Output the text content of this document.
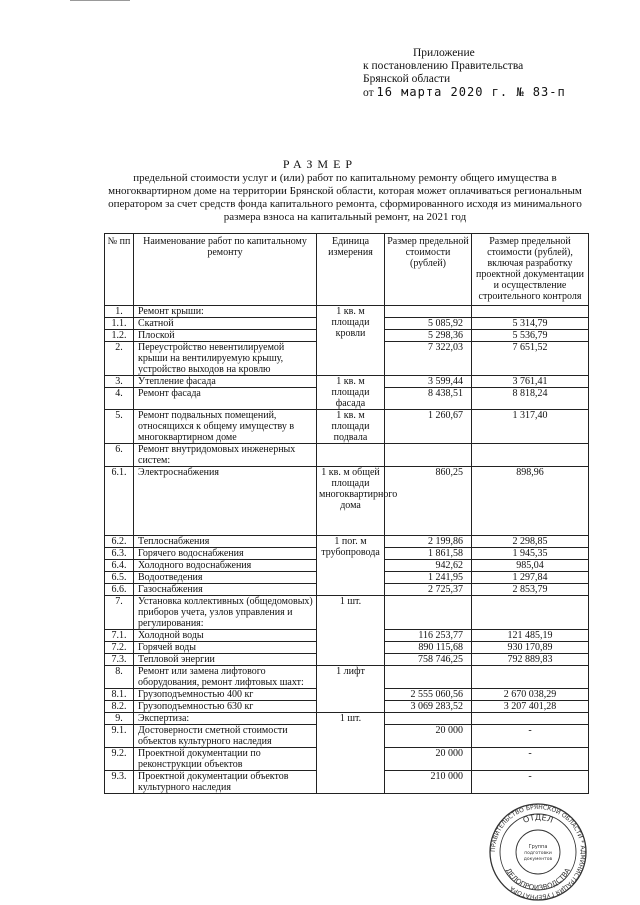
Приложение
к постановлению Правительства
Брянской области
от 16 марта 2020 г. № 83-п
РАЗМЕР
предельной стоимости услуг и (или) работ по капитальному ремонту общего имущества в многоквартирном доме на территории Брянской области, которая может оплачиваться региональным оператором за счет средств фонда капитального ремонта, сформированного исходя из минимального размера взноса на капитальный ремонт, на 2021 год
№ пп	Наименование работ по капитальному ремонту	Единица измерения	Размер предельной стоимости (рублей)	Размер предельной стоимости (рублей), включая разработку проектной документации и осуществление строительного контроля
1.	Ремонт крыши:	1 кв. м площади кровли		
1.1.	Скатной		5 085,92	5 314,79
1.2.	Плоской		5 298,36	5 536,79
2.	Переустройство невентилируемой крыши на вентилируемую крышу, устройство выходов на кровлю		7 322,03	7 651,52
3.	Утепление фасада	1 кв. м площади фасада	3 599,44	3 761,41
4.	Ремонт фасада		8 438,51	8 818,24
5.	Ремонт подвальных помещений, относящихся к общему имуществу в многоквартирном доме	1 кв. м площади подвала	1 260,67	1 317,40
6.	Ремонт внутридомовых инженерных систем:			
6.1.	Электроснабжения	1 кв. м общей площади многоквартирного дома	860,25	898,96
6.2.	Теплоснабжения	1 пог. м трубопровода	2 199,86	2 298,85
6.3.	Горячего водоснабжения		1 861,58	1 945,35
6.4.	Холодного водоснабжения		942,62	985,04
6.5.	Водоотведения		1 241,95	1 297,84
6.6.	Газоснабжения		2 725,37	2 853,79
7.	Установка коллективных (общедомовых) приборов учета, узлов управления и регулирования:	1 шт.		
7.1.	Холодной воды		116 253,77	121 485,19
7.2.	Горячей воды		890 115,68	930 170,89
7.3.	Тепловой энергии		758 746,25	792 889,83
8.	Ремонт или замена лифтового оборудования, ремонт лифтовых шахт:	1 лифт		
8.1.	Грузоподъемностью 400 кг		2 555 060,56	2 670 038,29
8.2.	Грузоподъемностью 630 кг		3 069 283,52	3 207 401,28
9.	Экспертиза:	1 шт.		
9.1.	Достоверности сметной стоимости объектов культурного наследия		20 000	-
9.2.	Проектной документации по реконструкции объектов		20 000	-
9.3.	Проектной документации объектов культурного наследия		210 000	-
ПРАВИТЕЛЬСТВО БРЯНСКОЙ ОБЛАСТИ * АДМИНИСТРАЦИЯ ГУБЕРНАТОРА
ОТДЕЛ
ДЕЛОПРОИЗВОДСТВА
Группа
подготовки
документов
